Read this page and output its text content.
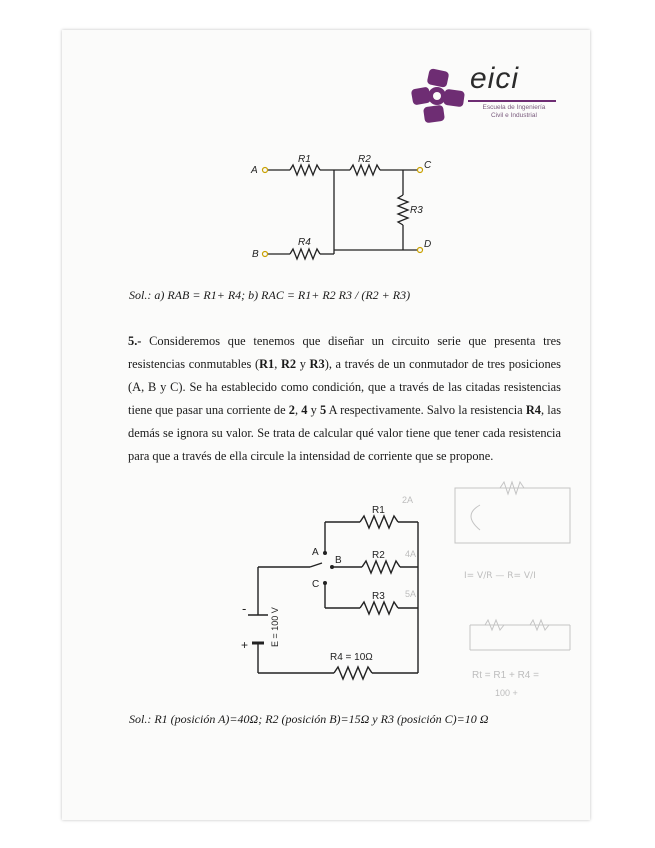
eici
Escuela de Ingeniería
Civil e Industrial
A
B
C
D
R1	R2
R3
R4
Sol.: a) RAB = R1+ R4; b) RAC = R1+ R2 R3 / (R2 + R3)
5.- Consideremos que tenemos que diseñar un circuito serie que presenta tres resistencias conmutables (R1, R2 y R3), a través de un conmutador de tres posiciones (A, B y C). Se ha establecido como condición, que a través de las citadas resistencias tiene que pasar una corriente de 2, 4 y 5 A respectivamente. Salvo la resistencia R4, las demás se ignora su valor. Se trata de calcular qué valor tiene que tener cada resistencia para que a través de ella circule la intensidad de corriente que se propone.
R1
R2
R3
R4 = 10Ω
A
B
C
-
+ E = 100 V
2A
4A
5A
I= V/R — R= V/I
Rt = R1 + R4 =
100 +
Sol.: R1 (posición A)=40Ω; R2 (posición B)=15Ω y R3 (posición C)=10 Ω
